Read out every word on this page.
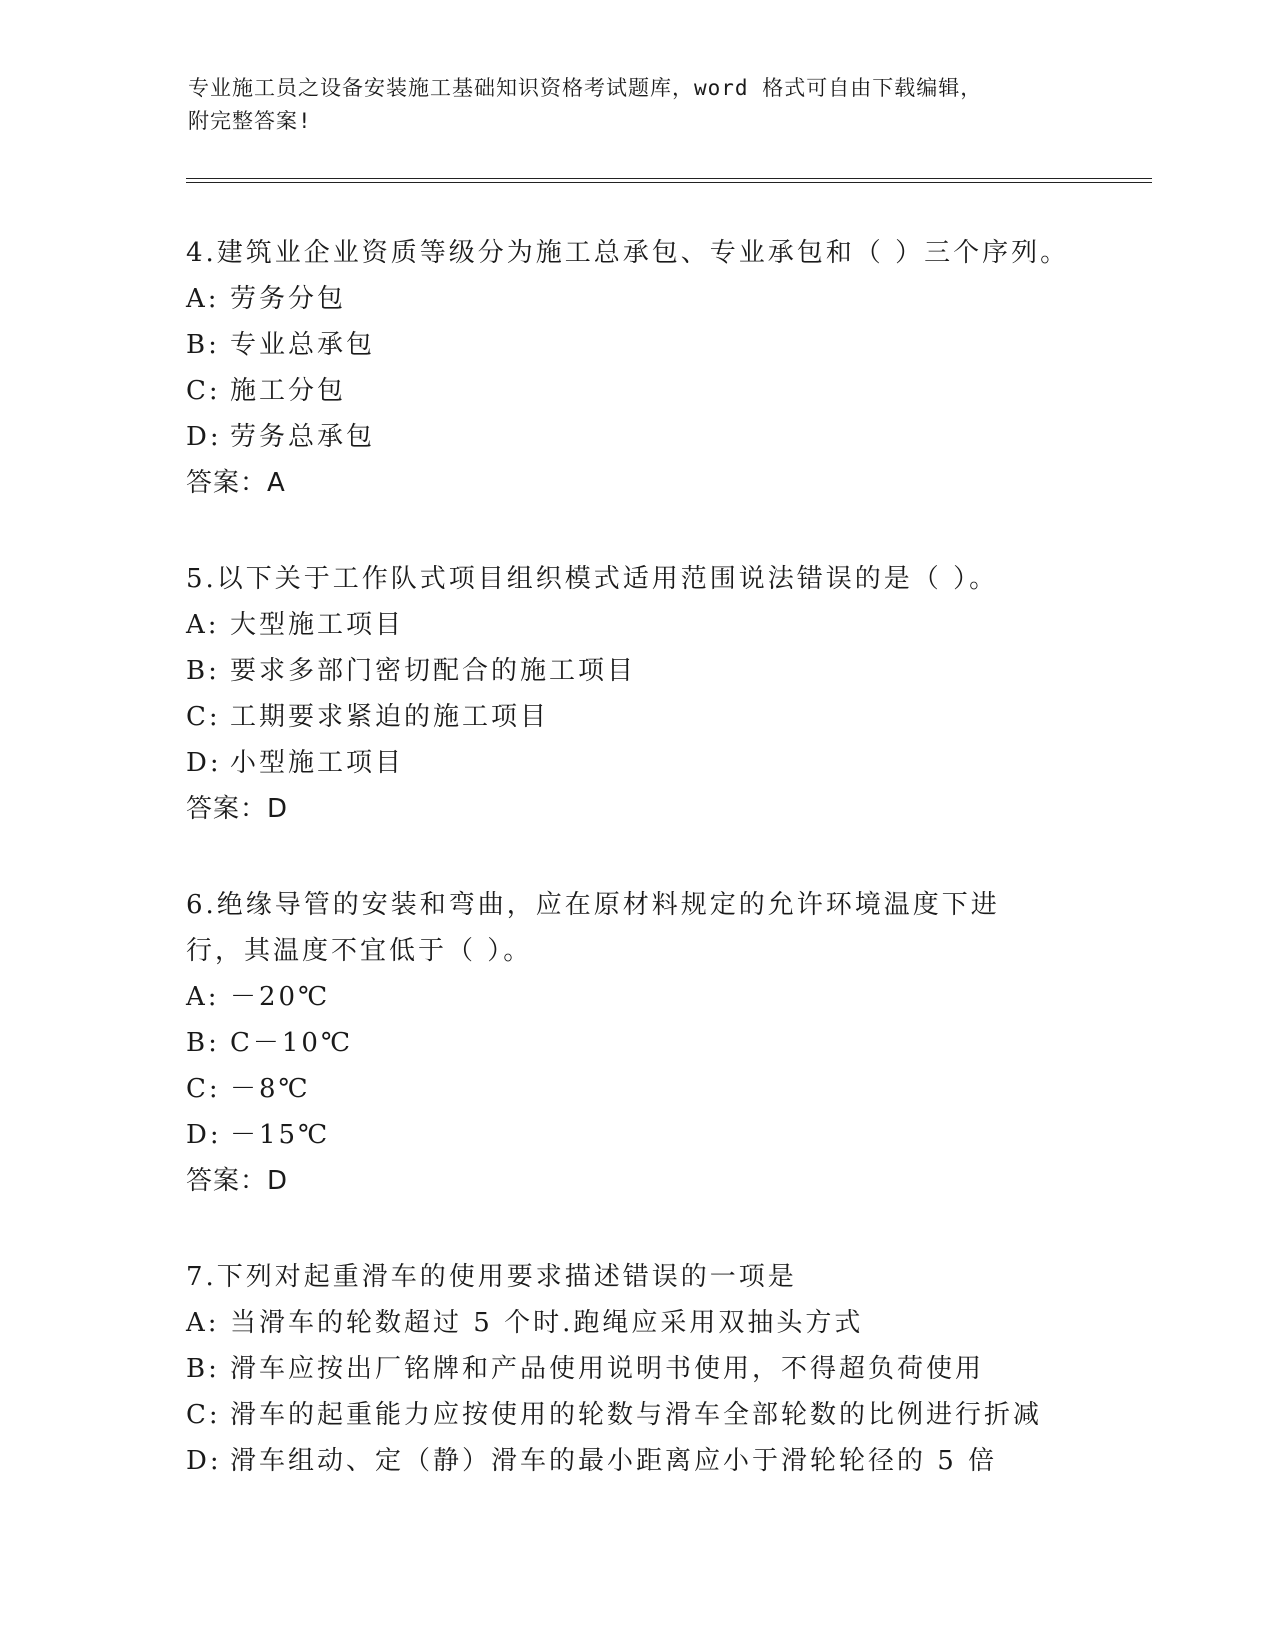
专业施工员之设备安装施工基础知识资格考试题库，word 格式可自由下载编辑，
附完整答案!
4.建筑业企业资质等级分为施工总承包、专业承包和（ ）三个序列。
A: 劳务分包
B: 专业总承包
C: 施工分包
D: 劳务总承包
答案：A
5.以下关于工作队式项目组织模式适用范围说法错误的是（ ）。
A: 大型施工项目
B: 要求多部门密切配合的施工项目
C: 工期要求紧迫的施工项目
D: 小型施工项目
答案：D
6.绝缘导管的安装和弯曲，应在原材料规定的允许环境温度下进行，其温度不宜低于（ ）。
A: －20℃
B: C－10℃
C: －8℃
D: －15℃
答案：D
7.下列对起重滑车的使用要求描述错误的一项是
A: 当滑车的轮数超过 5 个时.跑绳应采用双抽头方式
B: 滑车应按出厂铭牌和产品使用说明书使用，不得超负荷使用
C: 滑车的起重能力应按使用的轮数与滑车全部轮数的比例进行折减
D: 滑车组动、定（静）滑车的最小距离应小于滑轮轮径的 5 倍
